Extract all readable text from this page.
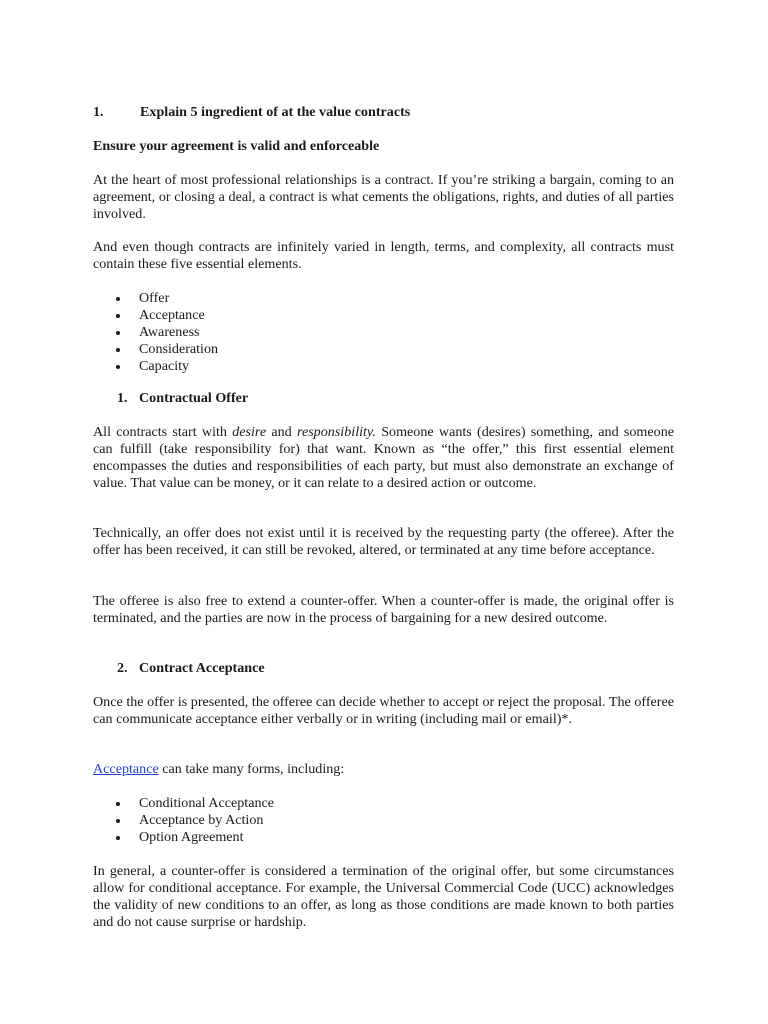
1.	Explain 5 ingredient of at the value contracts

Ensure your agreement is valid and enforceable

At the heart of most professional relationships is a contract. If you’re striking a bargain, coming to an agreement, or closing a deal, a contract is what cements the obligations, rights, and duties of all parties involved.

And even though contracts are infinitely varied in length, terms, and complexity, all contracts must contain these five essential elements.

Offer
Acceptance
Awareness
Consideration
Capacity
1. Contractual Offer

All contracts start with desire and responsibility. Someone wants (desires) something, and someone can fulfill (take responsibility for) that want. Known as “the offer,” this first essential element encompasses the duties and responsibilities of each party, but must also demonstrate an exchange of value. That value can be money, or it can relate to a desired action or outcome.

Technically, an offer does not exist until it is received by the requesting party (the offeree). After the offer has been received, it can still be revoked, altered, or terminated at any time before acceptance.

The offeree is also free to extend a counter-offer. When a counter-offer is made, the original offer is terminated, and the parties are now in the process of bargaining for a new desired outcome.

2. Contract Acceptance

Once the offer is presented, the offeree can decide whether to accept or reject the proposal. The offeree can communicate acceptance either verbally or in writing (including mail or email)*.

Acceptance can take many forms, including:

Conditional Acceptance
Acceptance by Action
Option Agreement

In general, a counter-offer is considered a termination of the original offer, but some circumstances allow for conditional acceptance. For example, the Universal Commercial Code (UCC) acknowledges the validity of new conditions to an offer, as long as those conditions are made known to both parties and do not cause surprise or hardship.
